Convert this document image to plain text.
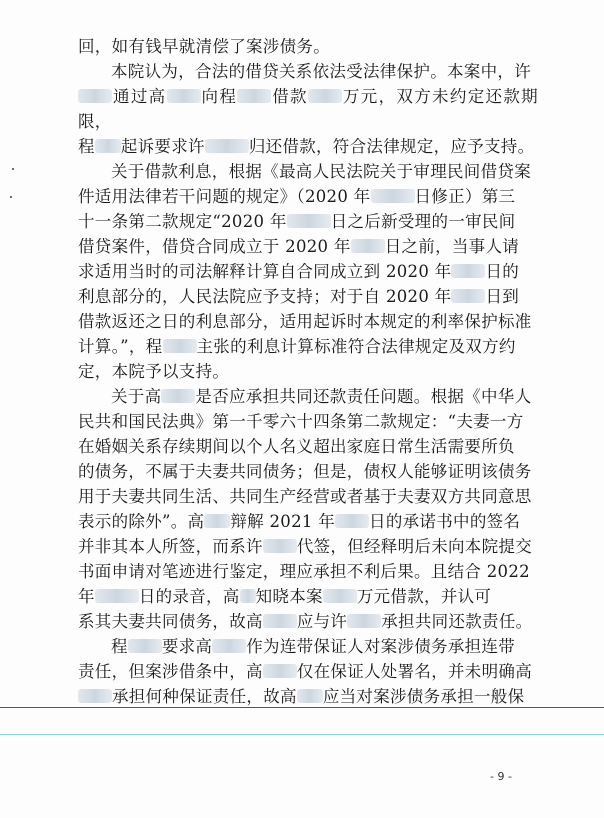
回，如有钱早就清偿了案涉债务。

本院认为，合法的借贷关系依法受法律保护。本案中，许

通过高 向程 借款 万元，双方未约定还款期限，

程 起诉要求许	归还借款，符合法律规定，应予支持。

关于借款利息，根据《最高人民法院关于审理民间借贷案

件适用法律若干问题的规定》（2020 年	日修正）第三

十一条第二款规定“2020 年	日之后新受理的一审民间

借贷案件，借贷合同成立于 2020 年 日之前，当事人请

求适用当时的司法解释计算自合同成立到 2020 年 日的

利息部分的，人民法院应予支持；对于自 2020 年 日到

借款返还之日的利息部分，适用起诉时本规定的利率保护标准

计算。”，程 主张的利息计算标准符合法律规定及双方约

定，本院予以支持。

关于高 是否应承担共同还款责任问题。根据《中华人

民共和国民法典》第一千零六十四条第二款规定：“夫妻一方

在婚姻关系存续期间以个人名义超出家庭日常生活需要所负

的债务，不属于夫妻共同债务；但是，债权人能够证明该债务

用于夫妻共同生活、共同生产经营或者基于夫妻双方共同意思

表示的除外”。高 辩解 2021 年 日的承诺书中的签名

并非其本人所签，而系许 代签，但经释明后未向本院提交

书面申请对笔迹进行鉴定，理应承担不利后果。且结合 2022

年	日的录音，高 知晓本案 万元借款，并认可

系其夫妻共同债务，故高 应与许 承担共同还款责任。

程 要求高 作为连带保证人对案涉债务承担连带

责任，但案涉借条中，高 仅在保证人处署名，并未明确高

承担何种保证责任，故高 应当对案涉债务承担一般保

- 9 -
